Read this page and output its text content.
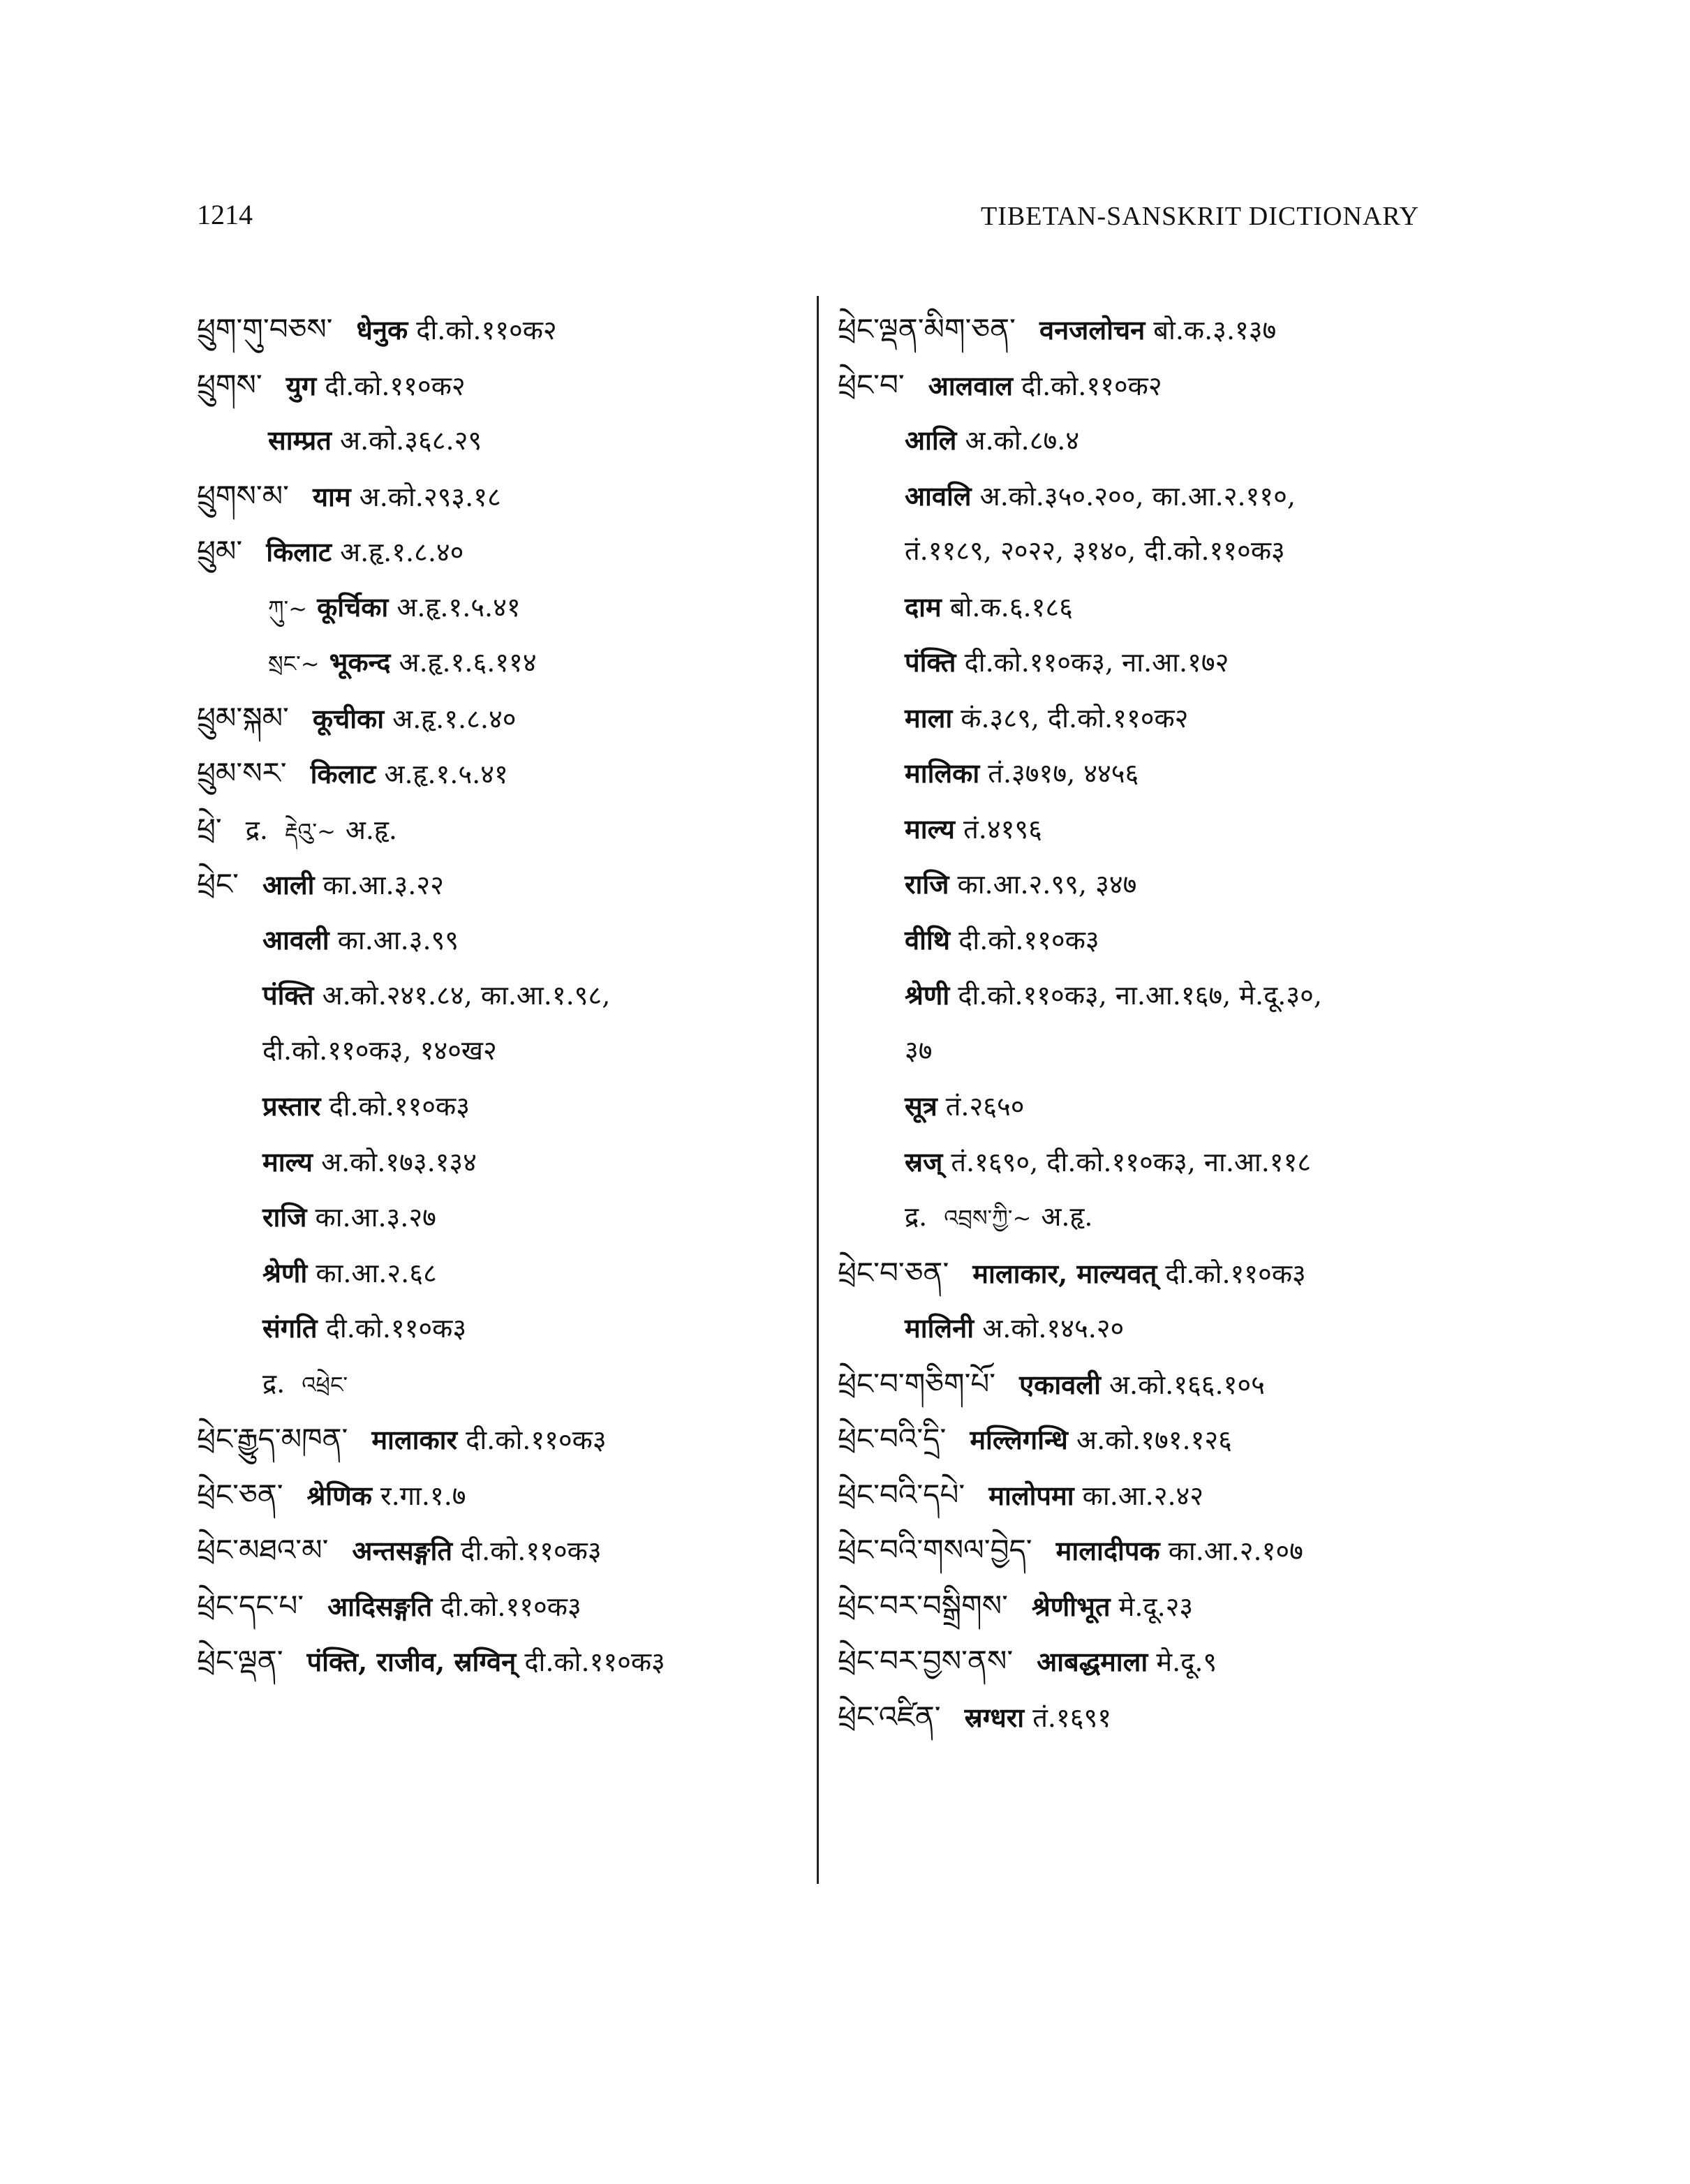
1214	TIBETAN-SANSKRIT DICTIONARY
ཕྲུག་གུ་བཅས་ धेनुक दी.को.११०क२
ཕྲུགས་ युग दी.को.११०क२
साम्प्रत अ.को.३६८.२९
ཕྲུགས་མ་ याम अ.को.२९३.१८
ཕྲུམ་ किलाट अ.हृ.१.८.४०
ཀུ་~ कूर्चिका अ.हृ.१.५.४१
སྲང་~ भूकन्द अ.हृ.१.६.११४
ཕྲུམ་སྐམ་ कूचीका अ.हृ.१.८.४०
ཕྲུམ་སར་ किलाट अ.हृ.१.५.४१
ཕྲེ་ द्र. རྡེའུ་~ अ.हृ.
ཕྲེང་ आली का.आ.३.२२
आवली का.आ.३.९९
पंक्ति अ.को.२४१.८४, का.आ.१.९८,
दी.को.११०क३, १४०ख२
प्रस्तार दी.को.११०क३
माल्य अ.को.१७३.१३४
राजि का.आ.३.२७
श्रेणी का.आ.२.६८
संगति दी.को.११०क३
द्र. འཕྲེང་
ཕྲེང་རྒྱུད་མཁན་ मालाकार दी.को.११०क३
ཕྲེང་ཅན་ श्रेणिक र.गा.१.७
ཕྲེང་མཐའ་མ་ अन्तसङ्गति दी.को.११०क३
ཕྲེང་དང་པ་ आदिसङ्गति दी.को.११०क३
ཕྲེང་ལྡན་ पंक्ति, राजीव, स्रग्विन् दी.को.११०क३
ཕྲེང་ལྡན་མིག་ཅན་ वनजलोचन बो.क.३.१३७
ཕྲེང་བ་ आलवाल दी.को.११०क२
आलि अ.को.८७.४
आवलि अ.को.३५०.२००, का.आ.२.११०,
तं.११८९, २०२२, ३१४०, दी.को.११०क३
दाम बो.क.६.१८६
पंक्ति दी.को.११०क३, ना.आ.१७२
माला कं.३८९, दी.को.११०क२
मालिका तं.३७१७, ४४५६
माल्य तं.४१९६
राजि का.आ.२.९९, ३४७
वीथि दी.को.११०क३
श्रेणी दी.को.११०क३, ना.आ.१६७, मे.दू.३०,
३७
सूत्र तं.२६५०
स्रज् तं.१६९०, दी.को.११०क३, ना.आ.११८
द्र. འབྲས་ཀྱི་~ अ.हृ.
ཕྲེང་བ་ཅན་ मालाकार, माल्यवत् दी.को.११०क३
मालिनी अ.को.१४५.२०
ཕྲེང་བ་གཅིག་པོ་ एकावली अ.को.१६६.१०५
ཕྲེང་བའི་དྲི་ मल्लिगन्धि अ.को.१७१.१२६
ཕྲེང་བའི་དཔེ་ मालोपमा का.आ.२.४२
ཕྲེང་བའི་གསལ་བྱེད་ मालादीपक का.आ.२.१०७
ཕྲེང་བར་བསྒྲིགས་ श्रेणीभूत मे.दू.२३
ཕྲེང་བར་བྱས་ནས་ आबद्धमाला मे.दू.९
ཕྲེང་འཛིན་ स्रग्धरा तं.१६९१
